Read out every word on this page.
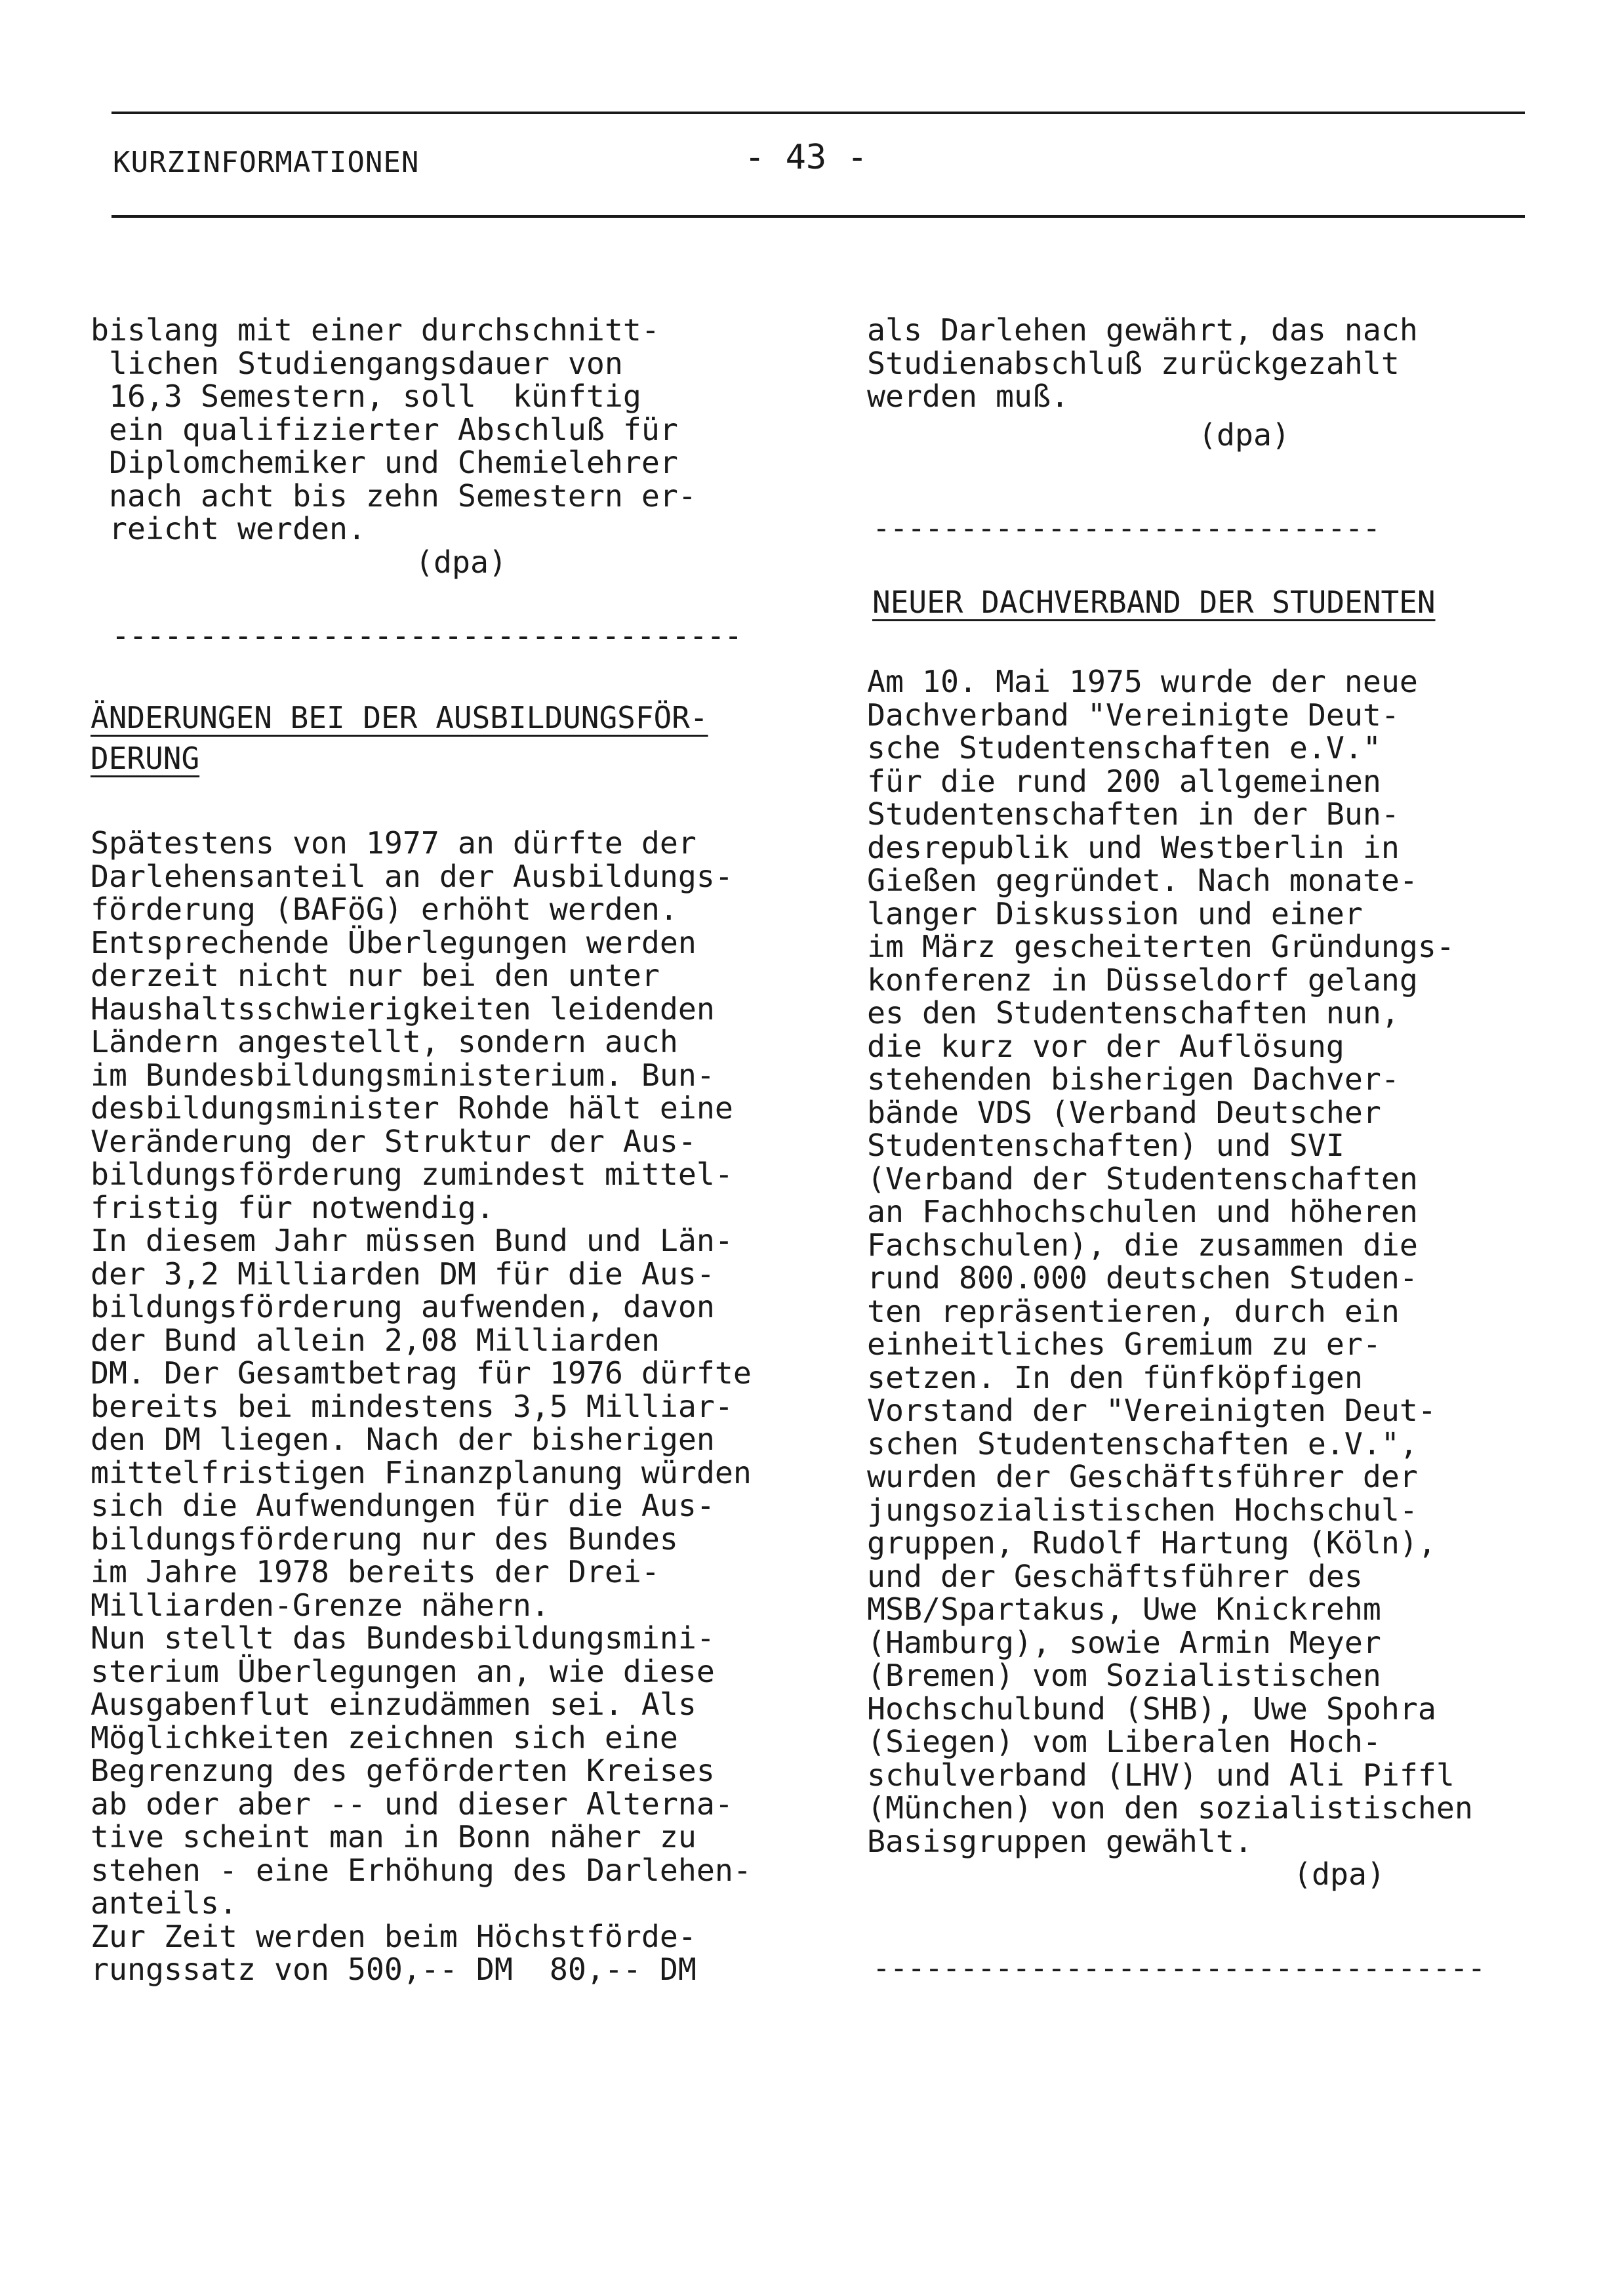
KURZINFORMATIONEN	- 43 -
bislang mit einer durchschnitt-
lichen Studiengangsdauer von
16,3 Semestern, soll  künftig
ein qualifizierter Abschluß für
Diplomchemiker und Chemielehrer
nach acht bis zehn Semestern er-
reicht werden.
(dpa)
------------------------------------
ÄNDERUNGEN BEI DER AUSBILDUNGSFÖR-
DERUNG
Spätestens von 1977 an dürfte der
Darlehensanteil an der Ausbildungs-
förderung (BAFöG) erhöht werden.
Entsprechende Überlegungen werden
derzeit nicht nur bei den unter
Haushaltsschwierigkeiten leidenden
Ländern angestellt, sondern auch
im Bundesbildungsministerium. Bun-
desbildungsminister Rohde hält eine
Veränderung der Struktur der Aus-
bildungsförderung zumindest mittel-
fristig für notwendig.
In diesem Jahr müssen Bund und Län-
der 3,2 Milliarden DM für die Aus-
bildungsförderung aufwenden, davon
der Bund allein 2,08 Milliarden
DM. Der Gesamtbetrag für 1976 dürfte
bereits bei mindestens 3,5 Milliar-
den DM liegen. Nach der bisherigen
mittelfristigen Finanzplanung würden
sich die Aufwendungen für die Aus-
bildungsförderung nur des Bundes
im Jahre 1978 bereits der Drei-
Milliarden-Grenze nähern.
Nun stellt das Bundesbildungsmini-
sterium Überlegungen an, wie diese
Ausgabenflut einzudämmen sei. Als
Möglichkeiten zeichnen sich eine
Begrenzung des geförderten Kreises
ab oder aber -- und dieser Alterna-
tive scheint man in Bonn näher zu
stehen - eine Erhöhung des Darlehen-
anteils.
Zur Zeit werden beim Höchstförde-
rungssatz von 500,-- DM  80,-- DM
als Darlehen gewährt, das nach
Studienabschluß zurückgezahlt
werden muß.
(dpa)
-----------------------------
NEUER DACHVERBAND DER STUDENTEN
Am 10. Mai 1975 wurde der neue
Dachverband "Vereinigte Deut-
sche Studentenschaften e.V."
für die rund 200 allgemeinen
Studentenschaften in der Bun-
desrepublik und Westberlin in
Gießen gegründet. Nach monate-
langer Diskussion und einer
im März gescheiterten Gründungs-
konferenz in Düsseldorf gelang
es den Studentenschaften nun,
die kurz vor der Auflösung
stehenden bisherigen Dachver-
bände VDS (Verband Deutscher
Studentenschaften) und SVI
(Verband der Studentenschaften
an Fachhochschulen und höheren
Fachschulen), die zusammen die
rund 800.000 deutschen Studen-
ten repräsentieren, durch ein
einheitliches Gremium zu er-
setzen. In den fünfköpfigen
Vorstand der "Vereinigten Deut-
schen Studentenschaften e.V.",
wurden der Geschäftsführer der
jungsozialistischen Hochschul-
gruppen, Rudolf Hartung (Köln),
und der Geschäftsführer des
MSB/Spartakus, Uwe Knickrehm
(Hamburg), sowie Armin Meyer
(Bremen) vom Sozialistischen
Hochschulbund (SHB), Uwe Spohra
(Siegen) vom Liberalen Hoch-
schulverband (LHV) und Ali Piffl
(München) von den sozialistischen
Basisgruppen gewählt.
(dpa)
-----------------------------------
